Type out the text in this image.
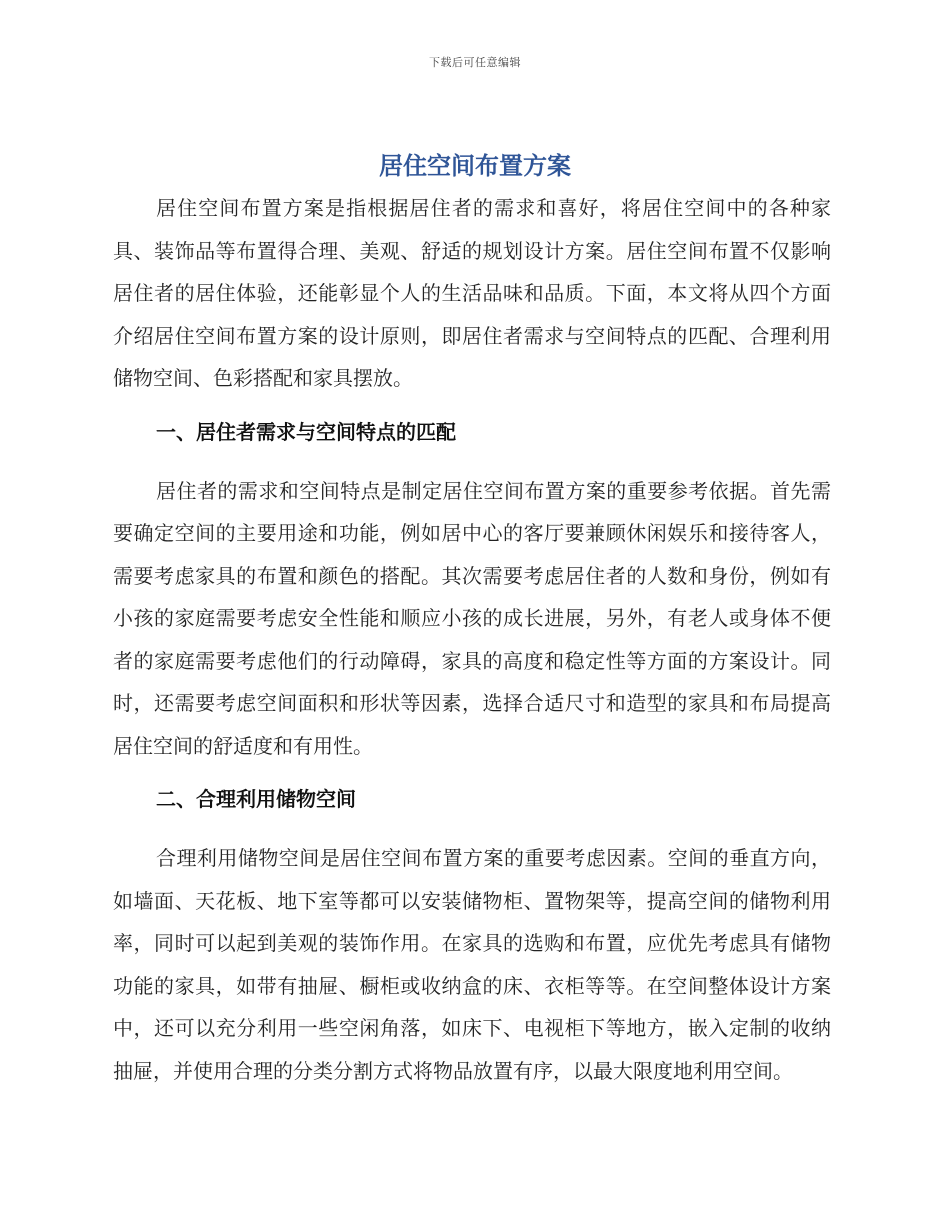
下载后可任意编辑
居住空间布置方案

居住空间布置方案是指根据居住者的需求和喜好，将居住空间中的各种家具、装饰品等布置得合理、美观、舒适的规划设计方案。居住空间布置不仅影响居住者的居住体验，还能彰显个人的生活品味和品质。下面，本文将从四个方面介绍居住空间布置方案的设计原则，即居住者需求与空间特点的匹配、合理利用储物空间、色彩搭配和家具摆放。

一、居住者需求与空间特点的匹配

居住者的需求和空间特点是制定居住空间布置方案的重要参考依据。首先需要确定空间的主要用途和功能，例如居中心的客厅要兼顾休闲娱乐和接待客人，需要考虑家具的布置和颜色的搭配。其次需要考虑居住者的人数和身份，例如有小孩的家庭需要考虑安全性能和顺应小孩的成长进展，另外，有老人或身体不便者的家庭需要考虑他们的行动障碍，家具的高度和稳定性等方面的方案设计。同时，还需要考虑空间面积和形状等因素，选择合适尺寸和造型的家具和布局提高居住空间的舒适度和有用性。

二、合理利用储物空间

合理利用储物空间是居住空间布置方案的重要考虑因素。空间的垂直方向，如墙面、天花板、地下室等都可以安装储物柜、置物架等，提高空间的储物利用率，同时可以起到美观的装饰作用。在家具的选购和布置，应优先考虑具有储物功能的家具，如带有抽屉、橱柜或收纳盒的床、衣柜等等。在空间整体设计方案中，还可以充分利用一些空闲角落，如床下、电视柜下等地方，嵌入定制的收纳抽屉，并使用合理的分类分割方式将物品放置有序，以最大限度地利用空间。
